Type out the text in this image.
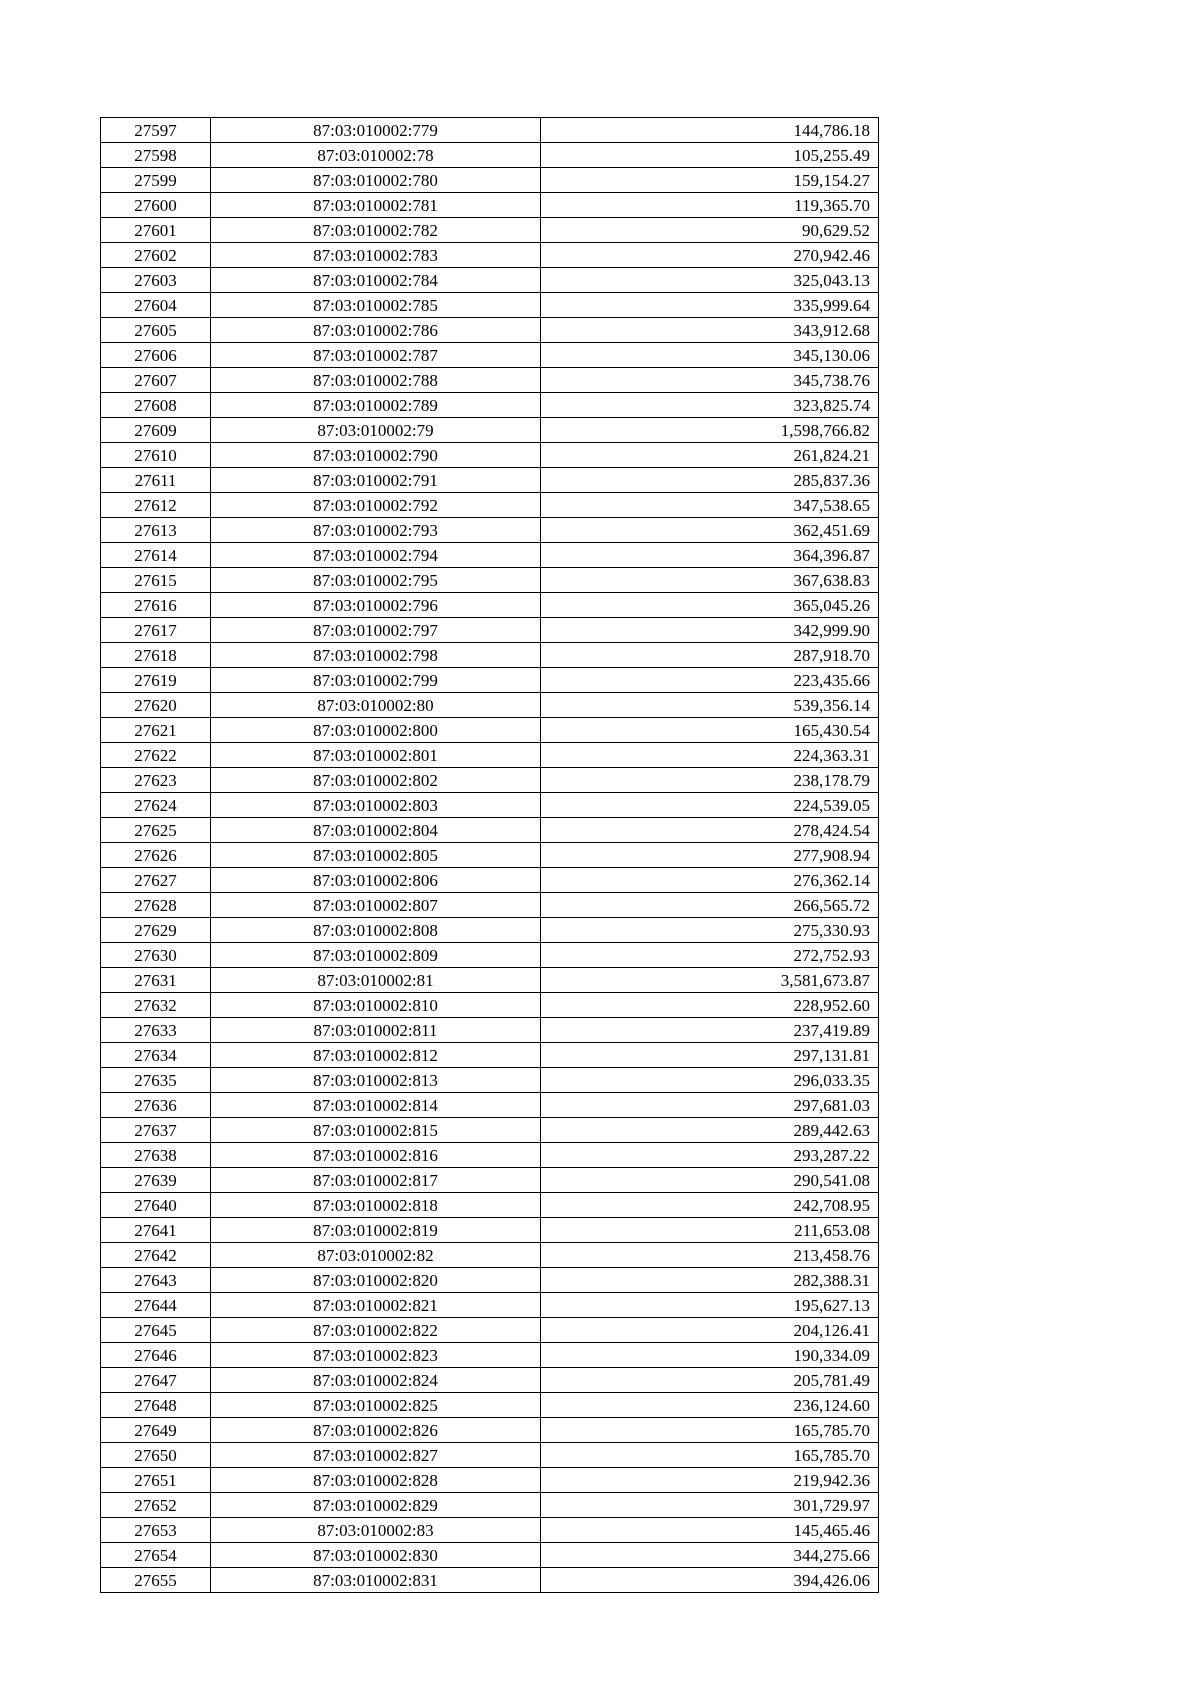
27597	87:03:010002:779	144,786.18
27598	87:03:010002:78	105,255.49
27599	87:03:010002:780	159,154.27
27600	87:03:010002:781	119,365.70
27601	87:03:010002:782	90,629.52
27602	87:03:010002:783	270,942.46
27603	87:03:010002:784	325,043.13
27604	87:03:010002:785	335,999.64
27605	87:03:010002:786	343,912.68
27606	87:03:010002:787	345,130.06
27607	87:03:010002:788	345,738.76
27608	87:03:010002:789	323,825.74
27609	87:03:010002:79	1,598,766.82
27610	87:03:010002:790	261,824.21
27611	87:03:010002:791	285,837.36
27612	87:03:010002:792	347,538.65
27613	87:03:010002:793	362,451.69
27614	87:03:010002:794	364,396.87
27615	87:03:010002:795	367,638.83
27616	87:03:010002:796	365,045.26
27617	87:03:010002:797	342,999.90
27618	87:03:010002:798	287,918.70
27619	87:03:010002:799	223,435.66
27620	87:03:010002:80	539,356.14
27621	87:03:010002:800	165,430.54
27622	87:03:010002:801	224,363.31
27623	87:03:010002:802	238,178.79
27624	87:03:010002:803	224,539.05
27625	87:03:010002:804	278,424.54
27626	87:03:010002:805	277,908.94
27627	87:03:010002:806	276,362.14
27628	87:03:010002:807	266,565.72
27629	87:03:010002:808	275,330.93
27630	87:03:010002:809	272,752.93
27631	87:03:010002:81	3,581,673.87
27632	87:03:010002:810	228,952.60
27633	87:03:010002:811	237,419.89
27634	87:03:010002:812	297,131.81
27635	87:03:010002:813	296,033.35
27636	87:03:010002:814	297,681.03
27637	87:03:010002:815	289,442.63
27638	87:03:010002:816	293,287.22
27639	87:03:010002:817	290,541.08
27640	87:03:010002:818	242,708.95
27641	87:03:010002:819	211,653.08
27642	87:03:010002:82	213,458.76
27643	87:03:010002:820	282,388.31
27644	87:03:010002:821	195,627.13
27645	87:03:010002:822	204,126.41
27646	87:03:010002:823	190,334.09
27647	87:03:010002:824	205,781.49
27648	87:03:010002:825	236,124.60
27649	87:03:010002:826	165,785.70
27650	87:03:010002:827	165,785.70
27651	87:03:010002:828	219,942.36
27652	87:03:010002:829	301,729.97
27653	87:03:010002:83	145,465.46
27654	87:03:010002:830	344,275.66
27655	87:03:010002:831	394,426.06
